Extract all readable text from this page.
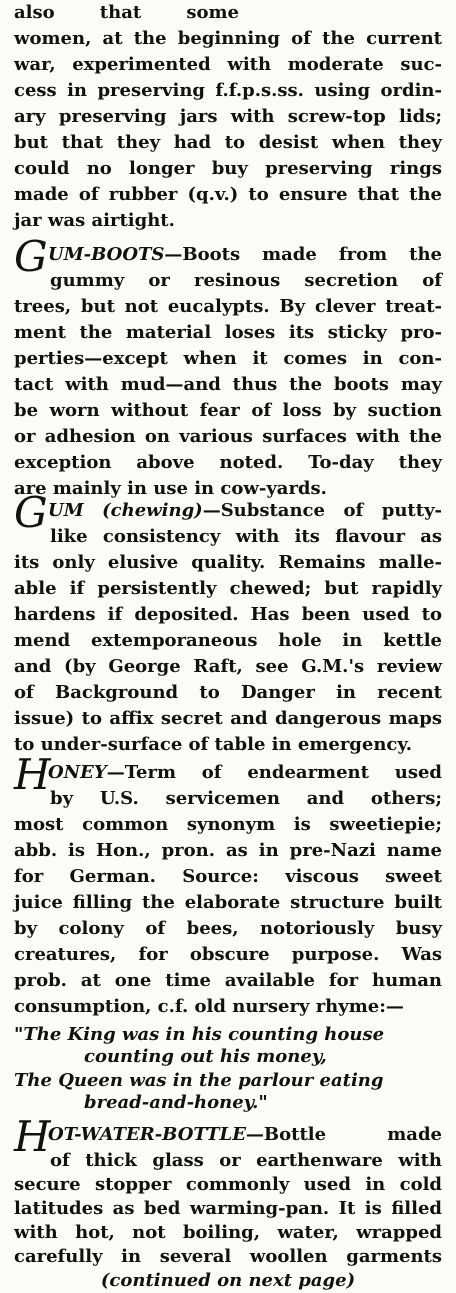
also that some
women, at the beginning of the current
war, experimented with moderate suc-
cess in preserving f.f.p.s.ss. using ordin-
ary preserving jars with screw-top lids;
but that they had to desist when they
could no longer buy preserving rings
made of rubber (q.v.) to ensure that the
jar was airtight.
G UM-BOOTS—Boots made from the
gummy or resinous secretion of
trees, but not eucalypts. By clever treat-
ment the material loses its sticky pro-
perties—except when it comes in con-
tact with mud—and thus the boots may
be worn without fear of loss by suction
or adhesion on various surfaces with the
exception above noted. To-day they
are mainly in use in cow-yards.
G UM (chewing)—Substance of putty-
like consistency with its flavour as
its only elusive quality. Remains malle-
able if persistently chewed; but rapidly
hardens if deposited. Has been used to
mend extemporaneous hole in kettle
and (by George Raft, see G.M.'s review
of Background to Danger in recent
issue) to affix secret and dangerous maps
to under-surface of table in emergency.
H
ONEY—Term of endearment used
by U.S. servicemen and others;
most common synonym is sweetiepie;
abb. is Hon., pron. as in pre-Nazi name
for German. Source: viscous sweet
juice filling the elaborate structure built
by colony of bees, notoriously busy
creatures, for obscure purpose. Was
prob. at one time available for human
consumption, c.f. old nursery rhyme:—
"The King was in his counting house
counting out his money,
The Queen was in the parlour eating
bread-and-honey."
H
OT-WATER-BOTTLE—Bottle made
of thick glass or earthenware with
secure stopper commonly used in cold
latitudes as bed warming-pan. It is filled
with hot, not boiling, water, wrapped
carefully in several woollen garments
(continued on next page)
